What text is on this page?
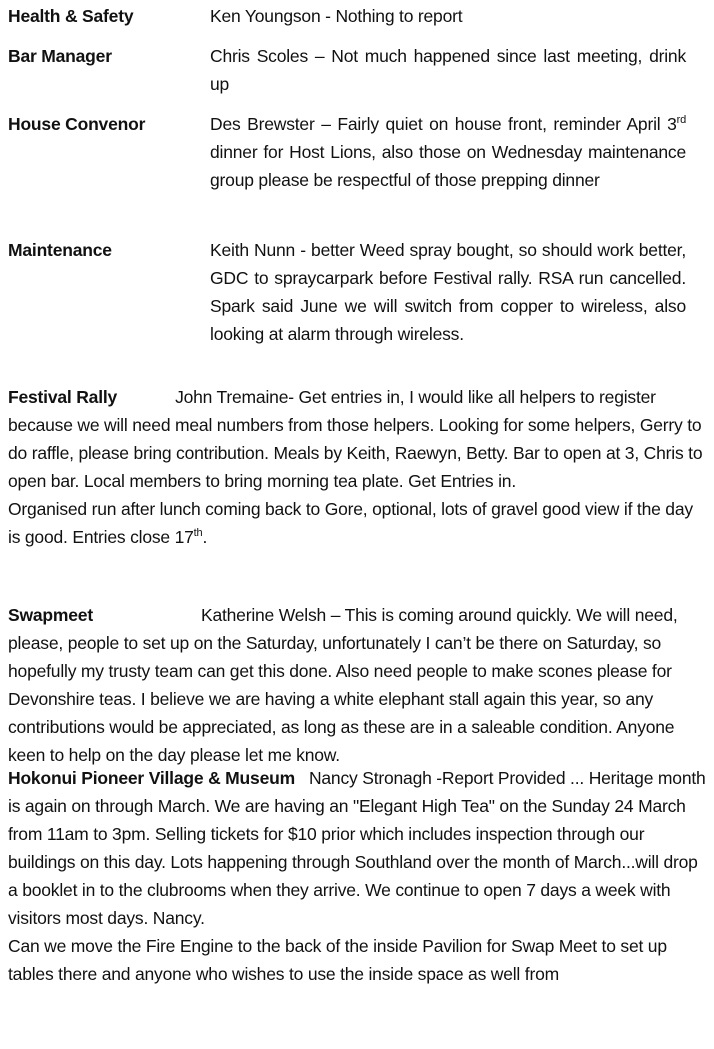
Health & Safety	Ken Youngson - Nothing to report
Bar Manager	Chris Scoles – Not much happened since last meeting, drink up
House Convenor	Des Brewster – Fairly quiet on house front, reminder April 3rd dinner for Host Lions, also those on Wednesday maintenance group please be respectful of those prepping dinner
Maintenance	Keith Nunn - better Weed spray bought, so should work better, GDC to spraycarpark before Festival rally. RSA run cancelled. Spark said June we will switch from copper to wireless, also looking at alarm through wireless.
Festival Rally	John Tremaine- Get entries in, I would like all helpers to register because we will need meal numbers from those helpers. Looking for some helpers, Gerry to do raffle, please bring contribution. Meals by Keith, Raewyn, Betty. Bar to open at 3, Chris to open bar. Local members to bring morning tea plate. Get Entries in.
Organised run after lunch coming back to Gore, optional, lots of gravel good view if the day is good. Entries close 17th.
Swapmeet	Katherine Welsh – This is coming around quickly. We will need, please, people to set up on the Saturday, unfortunately I can’t be there on Saturday, so hopefully my trusty team can get this done. Also need people to make scones please for Devonshire teas. I believe we are having a white elephant stall again this year, so any contributions would be appreciated, as long as these are in a saleable condition. Anyone keen to help on the day please let me know.
Hokonui Pioneer Village & Museum Nancy Stronagh -Report Provided ... Heritage month is again on through March. We are having an "Elegant High Tea" on the Sunday 24 March from 11am to 3pm. Selling tickets for $10 prior which includes inspection through our buildings on this day. Lots happening through Southland over the month of March...will drop a booklet in to the clubrooms when they arrive. We continue to open 7 days a week with visitors most days. Nancy.
Can we move the Fire Engine to the back of the inside Pavilion for Swap Meet to set up tables there and anyone who wishes to use the inside space as well from
